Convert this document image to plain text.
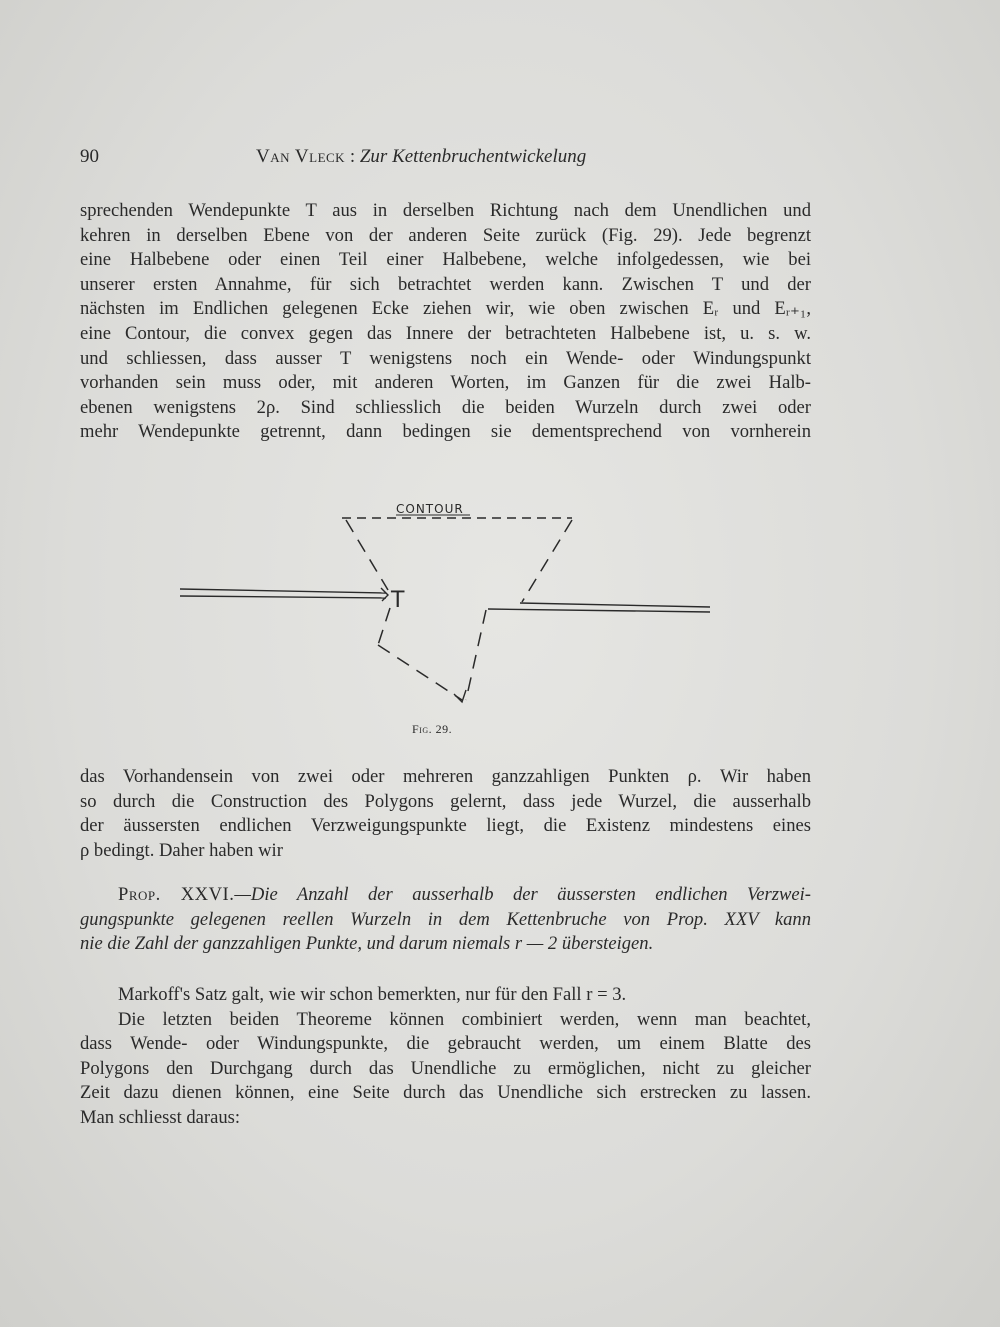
90	Van Vleck : Zur Kettenbruchentwickelung
sprechenden Wendepunkte T aus in derselben Richtung nach dem Unendlichen und
kehren in derselben Ebene von der anderen Seite zurück (Fig. 29). Jede begrenzt
eine Halbebene oder einen Teil einer Halbebene, welche infolgedessen, wie bei
unserer ersten Annahme, für sich betrachtet werden kann. Zwischen T und der
nächsten im Endlichen gelegenen Ecke ziehen wir, wie oben zwischen Eᵣ und Eᵣ₊₁,
eine Contour, die convex gegen das Innere der betrachteten Halbebene ist, u. s. w.
und schliessen, dass ausser T wenigstens noch ein Wende- oder Windungspunkt
vorhanden sein muss oder, mit anderen Worten, im Ganzen für die zwei Halb-
ebenen wenigstens 2ρ. Sind schliesslich die beiden Wurzeln durch zwei oder
mehr Wendepunkte getrennt, dann bedingen sie dementsprechend von vornherein
CONTOUR
T
Fig. 29.
das Vorhandensein von zwei oder mehreren ganzzahligen Punkten ρ. Wir haben
so durch die Construction des Polygons gelernt, dass jede Wurzel, die ausserhalb
der äussersten endlichen Verzweigungspunkte liegt, die Existenz mindestens eines
ρ bedingt. Daher haben wir
Prop. XXVI.—Die Anzahl der ausserhalb der äussersten endlichen Verzwei-
gungspunkte gelegenen reellen Wurzeln in dem Kettenbruche von Prop. XXV kann
nie die Zahl der ganzzahligen Punkte, und darum niemals r — 2 übersteigen.
Markoff's Satz galt, wie wir schon bemerkten, nur für den Fall r = 3.
Die letzten beiden Theoreme können combiniert werden, wenn man beachtet,
dass Wende- oder Windungspunkte, die gebraucht werden, um einem Blatte des
Polygons den Durchgang durch das Unendliche zu ermöglichen, nicht zu gleicher
Zeit dazu dienen können, eine Seite durch das Unendliche sich erstrecken zu lassen.
Man schliesst daraus:
